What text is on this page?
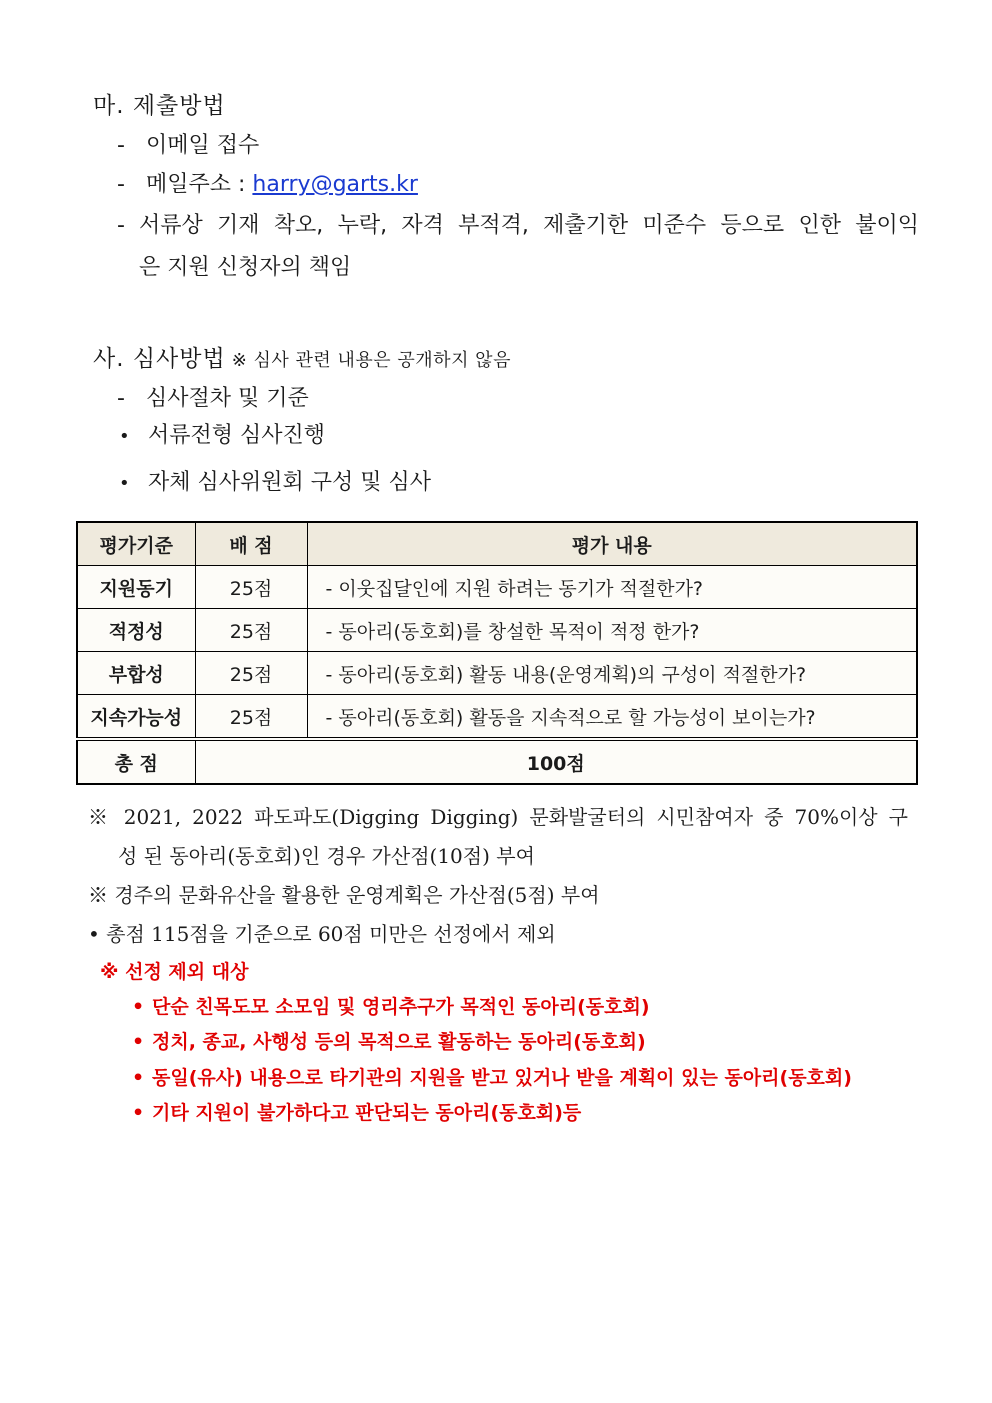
마. 제출방법
- 이메일 접수
- 메일주소 : harry@garts.kr
- 서류상 기재 착오, 누락, 자격 부적격, 제출기한 미준수 등으로 인한 불이익
은 지원 신청자의 책임
사. 심사방법 ※ 심사 관련 내용은 공개하지 않음
- 심사절차 및 기준
• 서류전형 심사진행
• 자체 심사위원회 구성 및 심사
평가기준	배 점	평가 내용
지원동기	25점	- 이웃집달인에 지원 하려는 동기가 적절한가?
적정성	25점	- 동아리(동호회)를 창설한 목적이 적정 한가?
부합성	25점	- 동아리(동호회) 활동 내용(운영계획)의 구성이 적절한가?
지속가능성	25점	- 동아리(동호회) 활동을 지속적으로 할 가능성이 보이는가?
총 점	100점	
※ 2021, 2022 파도파도(Digging Digging) 문화발굴터의 시민참여자 중 70%이상 구
성 된 동아리(동호회)인 경우 가산점(10점) 부여
※ 경주의 문화유산을 활용한 운영계획은 가산점(5점) 부여
• 총점 115점을 기준으로 60점 미만은 선정에서 제외
※ 선정 제외 대상
• 단순 친목도모 소모임 및 영리추구가 목적인 동아리(동호회)
• 정치, 종교, 사행성 등의 목적으로 활동하는 동아리(동호회)
• 동일(유사) 내용으로 타기관의 지원을 받고 있거나 받을 계획이 있는 동아리(동호회)
• 기타 지원이 불가하다고 판단되는 동아리(동호회)등
